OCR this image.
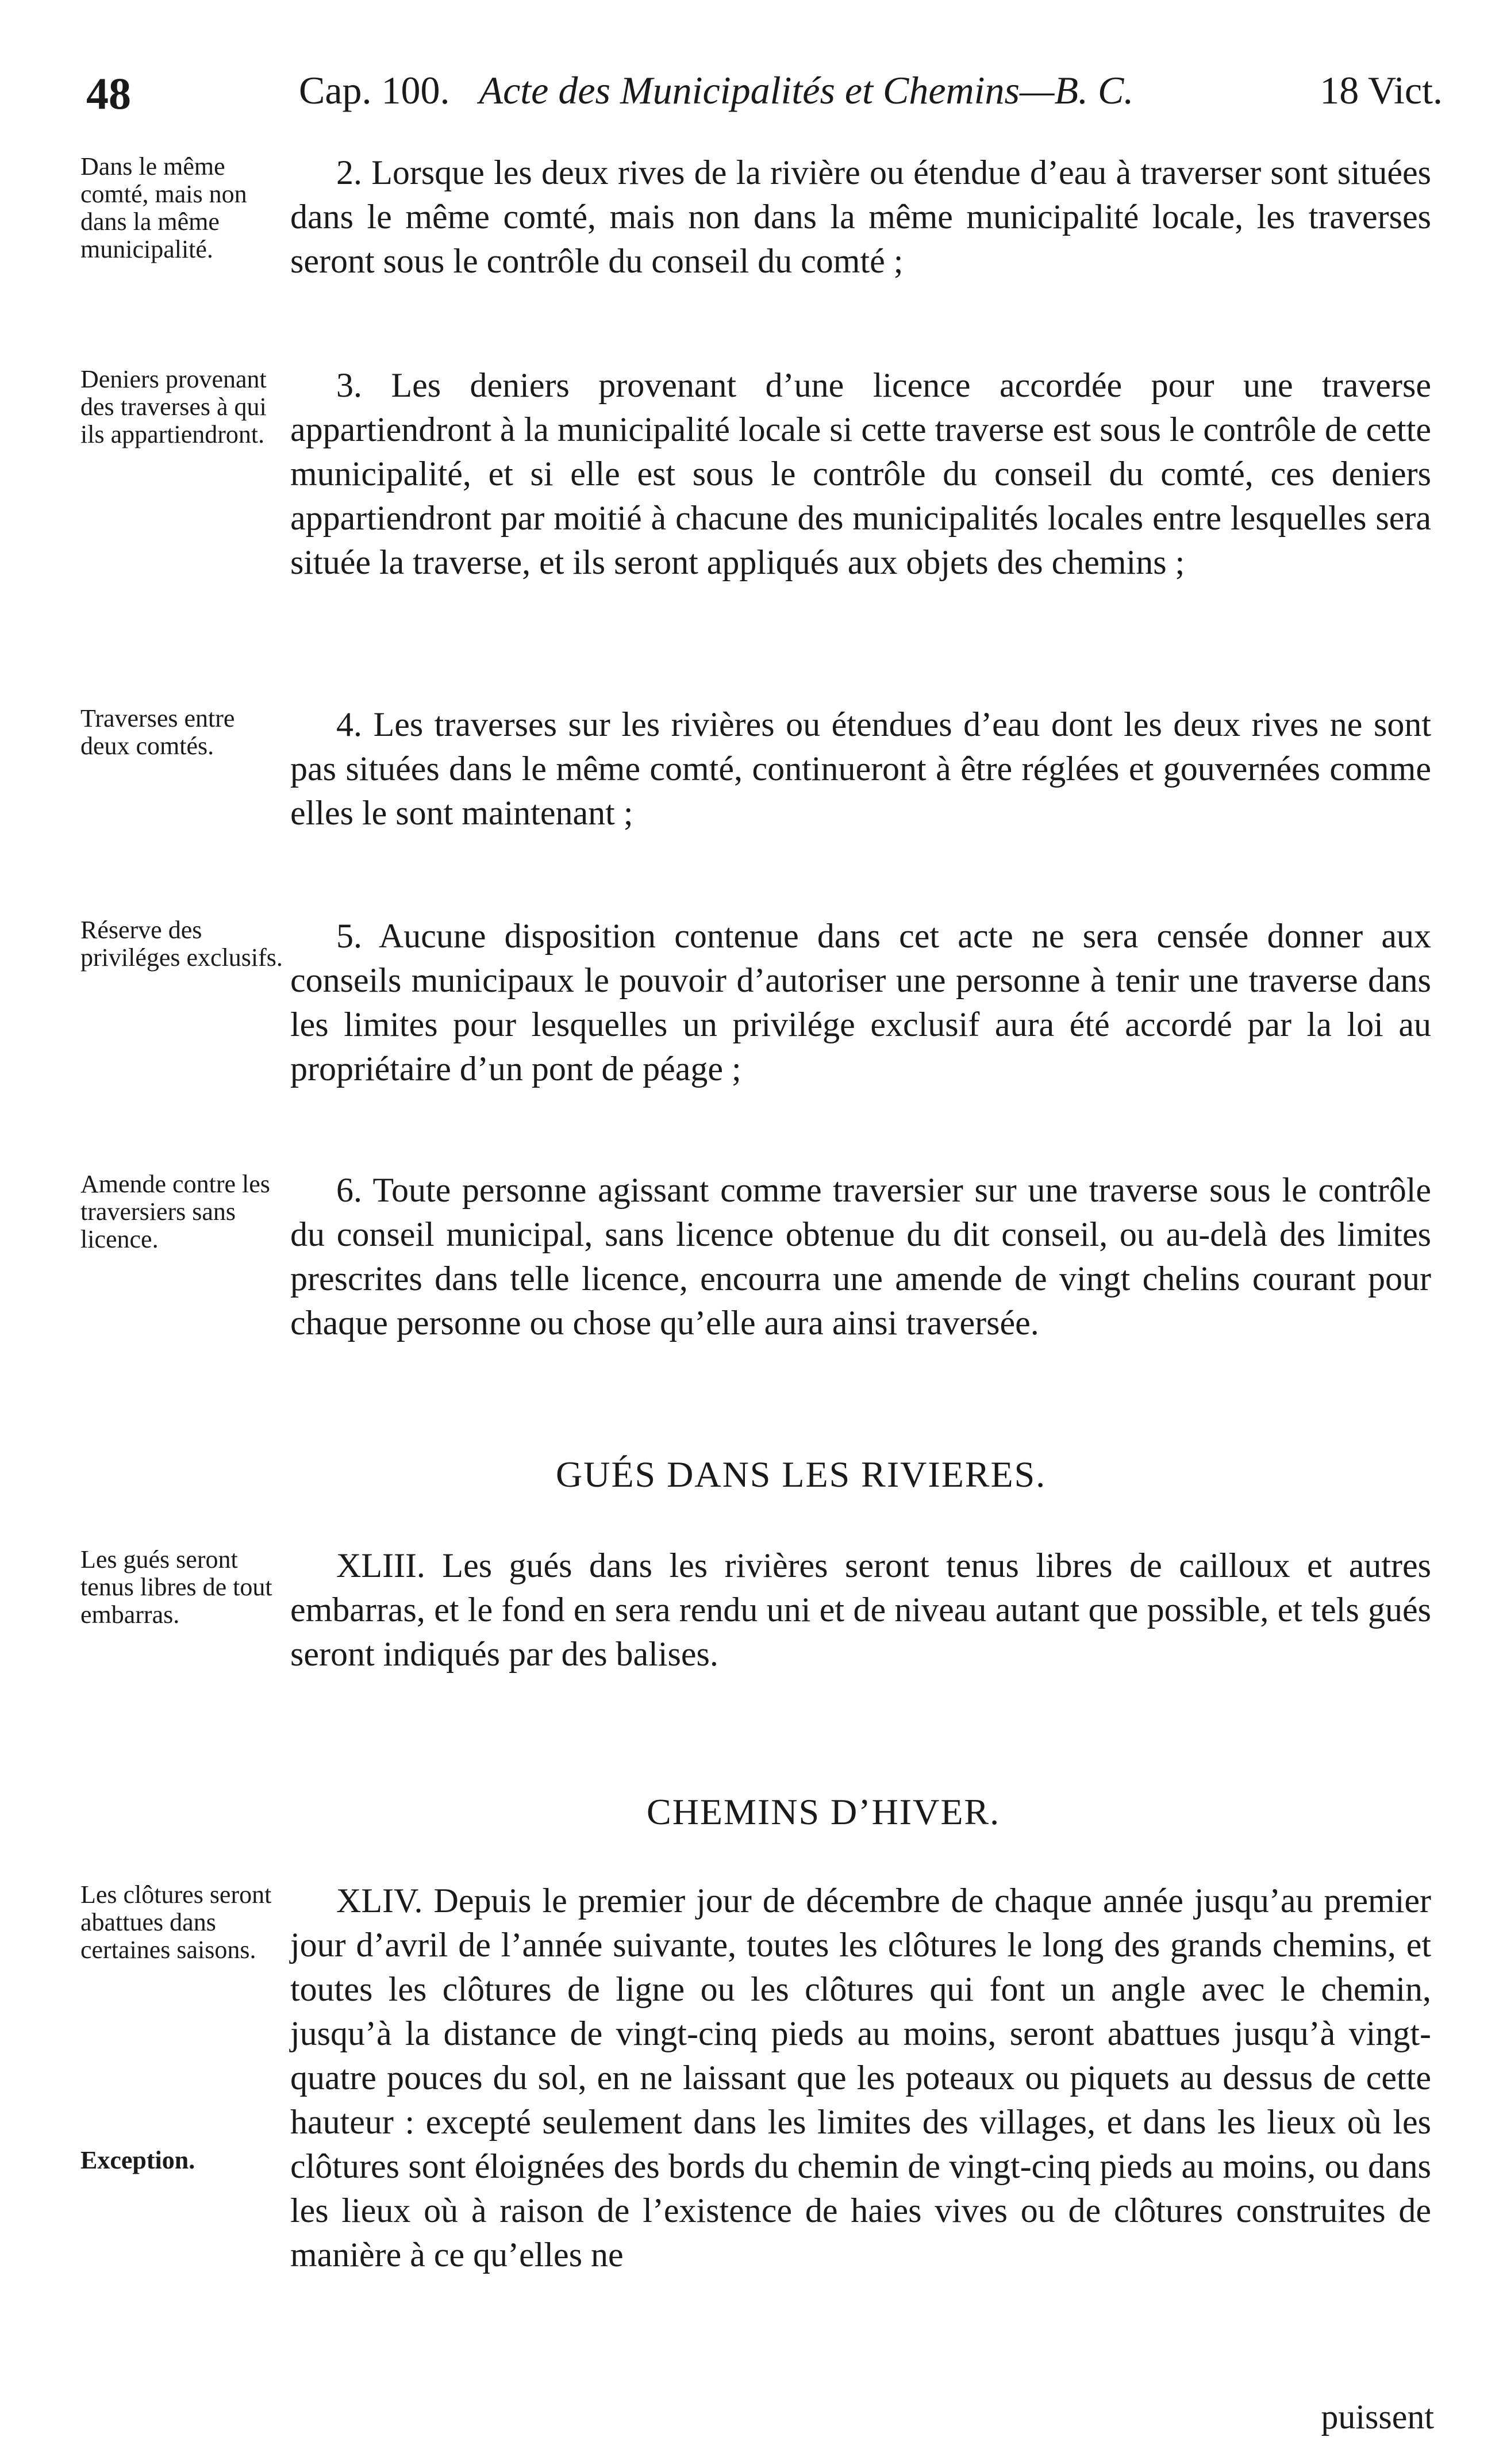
48	Cap. 100. Acte des Municipalités et Chemins—B. C.	18 Vict.

Dans le même comté, mais non dans la même municipalité.

2. Lorsque les deux rives de la rivière ou étendue d’eau à traverser sont situées dans le même comté, mais non dans la même municipalité locale, les traverses seront sous le contrôle du conseil du comté ;

Deniers provenant des traverses à qui ils appartiendront.

3. Les deniers provenant d’une licence accordée pour une traverse appartiendront à la municipalité locale si cette traverse est sous le contrôle de cette municipalité, et si elle est sous le contrôle du conseil du comté, ces deniers appartiendront par moitié à chacune des municipalités locales entre lesquelles sera située la traverse, et ils seront appliqués aux objets des chemins ;

Traverses entre deux comtés.

4. Les traverses sur les rivières ou étendues d’eau dont les deux rives ne sont pas situées dans le même comté, continueront à être réglées et gouvernées comme elles le sont maintenant ;

Réserve des priviléges exclusifs.

5. Aucune disposition contenue dans cet acte ne sera censée donner aux conseils municipaux le pouvoir d’autoriser une personne à tenir une traverse dans les limites pour lesquelles un privilége exclusif aura été accordé par la loi au propriétaire d’un pont de péage ;

Amende contre les traversiers sans licence.

6. Toute personne agissant comme traversier sur une traverse sous le contrôle du conseil municipal, sans licence obtenue du dit conseil, ou au-delà des limites prescrites dans telle licence, encourra une amende de vingt chelins courant pour chaque personne ou chose qu’elle aura ainsi traversée.

GUÉS DANS LES RIVIERES.

Les gués seront tenus libres de tout embarras.

XLIII. Les gués dans les rivières seront tenus libres de cailloux et autres embarras, et le fond en sera rendu uni et de niveau autant que possible, et tels gués seront indiqués par des balises.

CHEMINS D’HIVER.

Les clôtures seront abattues dans certaines saisons.

Exception.

XLIV. Depuis le premier jour de décembre de chaque année jusqu’au premier jour d’avril de l’année suivante, toutes les clôtures le long des grands chemins, et toutes les clôtures de ligne ou les clôtures qui font un angle avec le chemin, jusqu’à la distance de vingt-cinq pieds au moins, seront abattues jusqu’à vingt-quatre pouces du sol, en ne laissant que les poteaux ou piquets au dessus de cette hauteur : excepté seulement dans les limites des villages, et dans les lieux où les clôtures sont éloignées des bords du chemin de vingt-cinq pieds au moins, ou dans les lieux où à raison de l’existence de haies vives ou de clôtures construites de manière à ce qu’elles ne

puissent
